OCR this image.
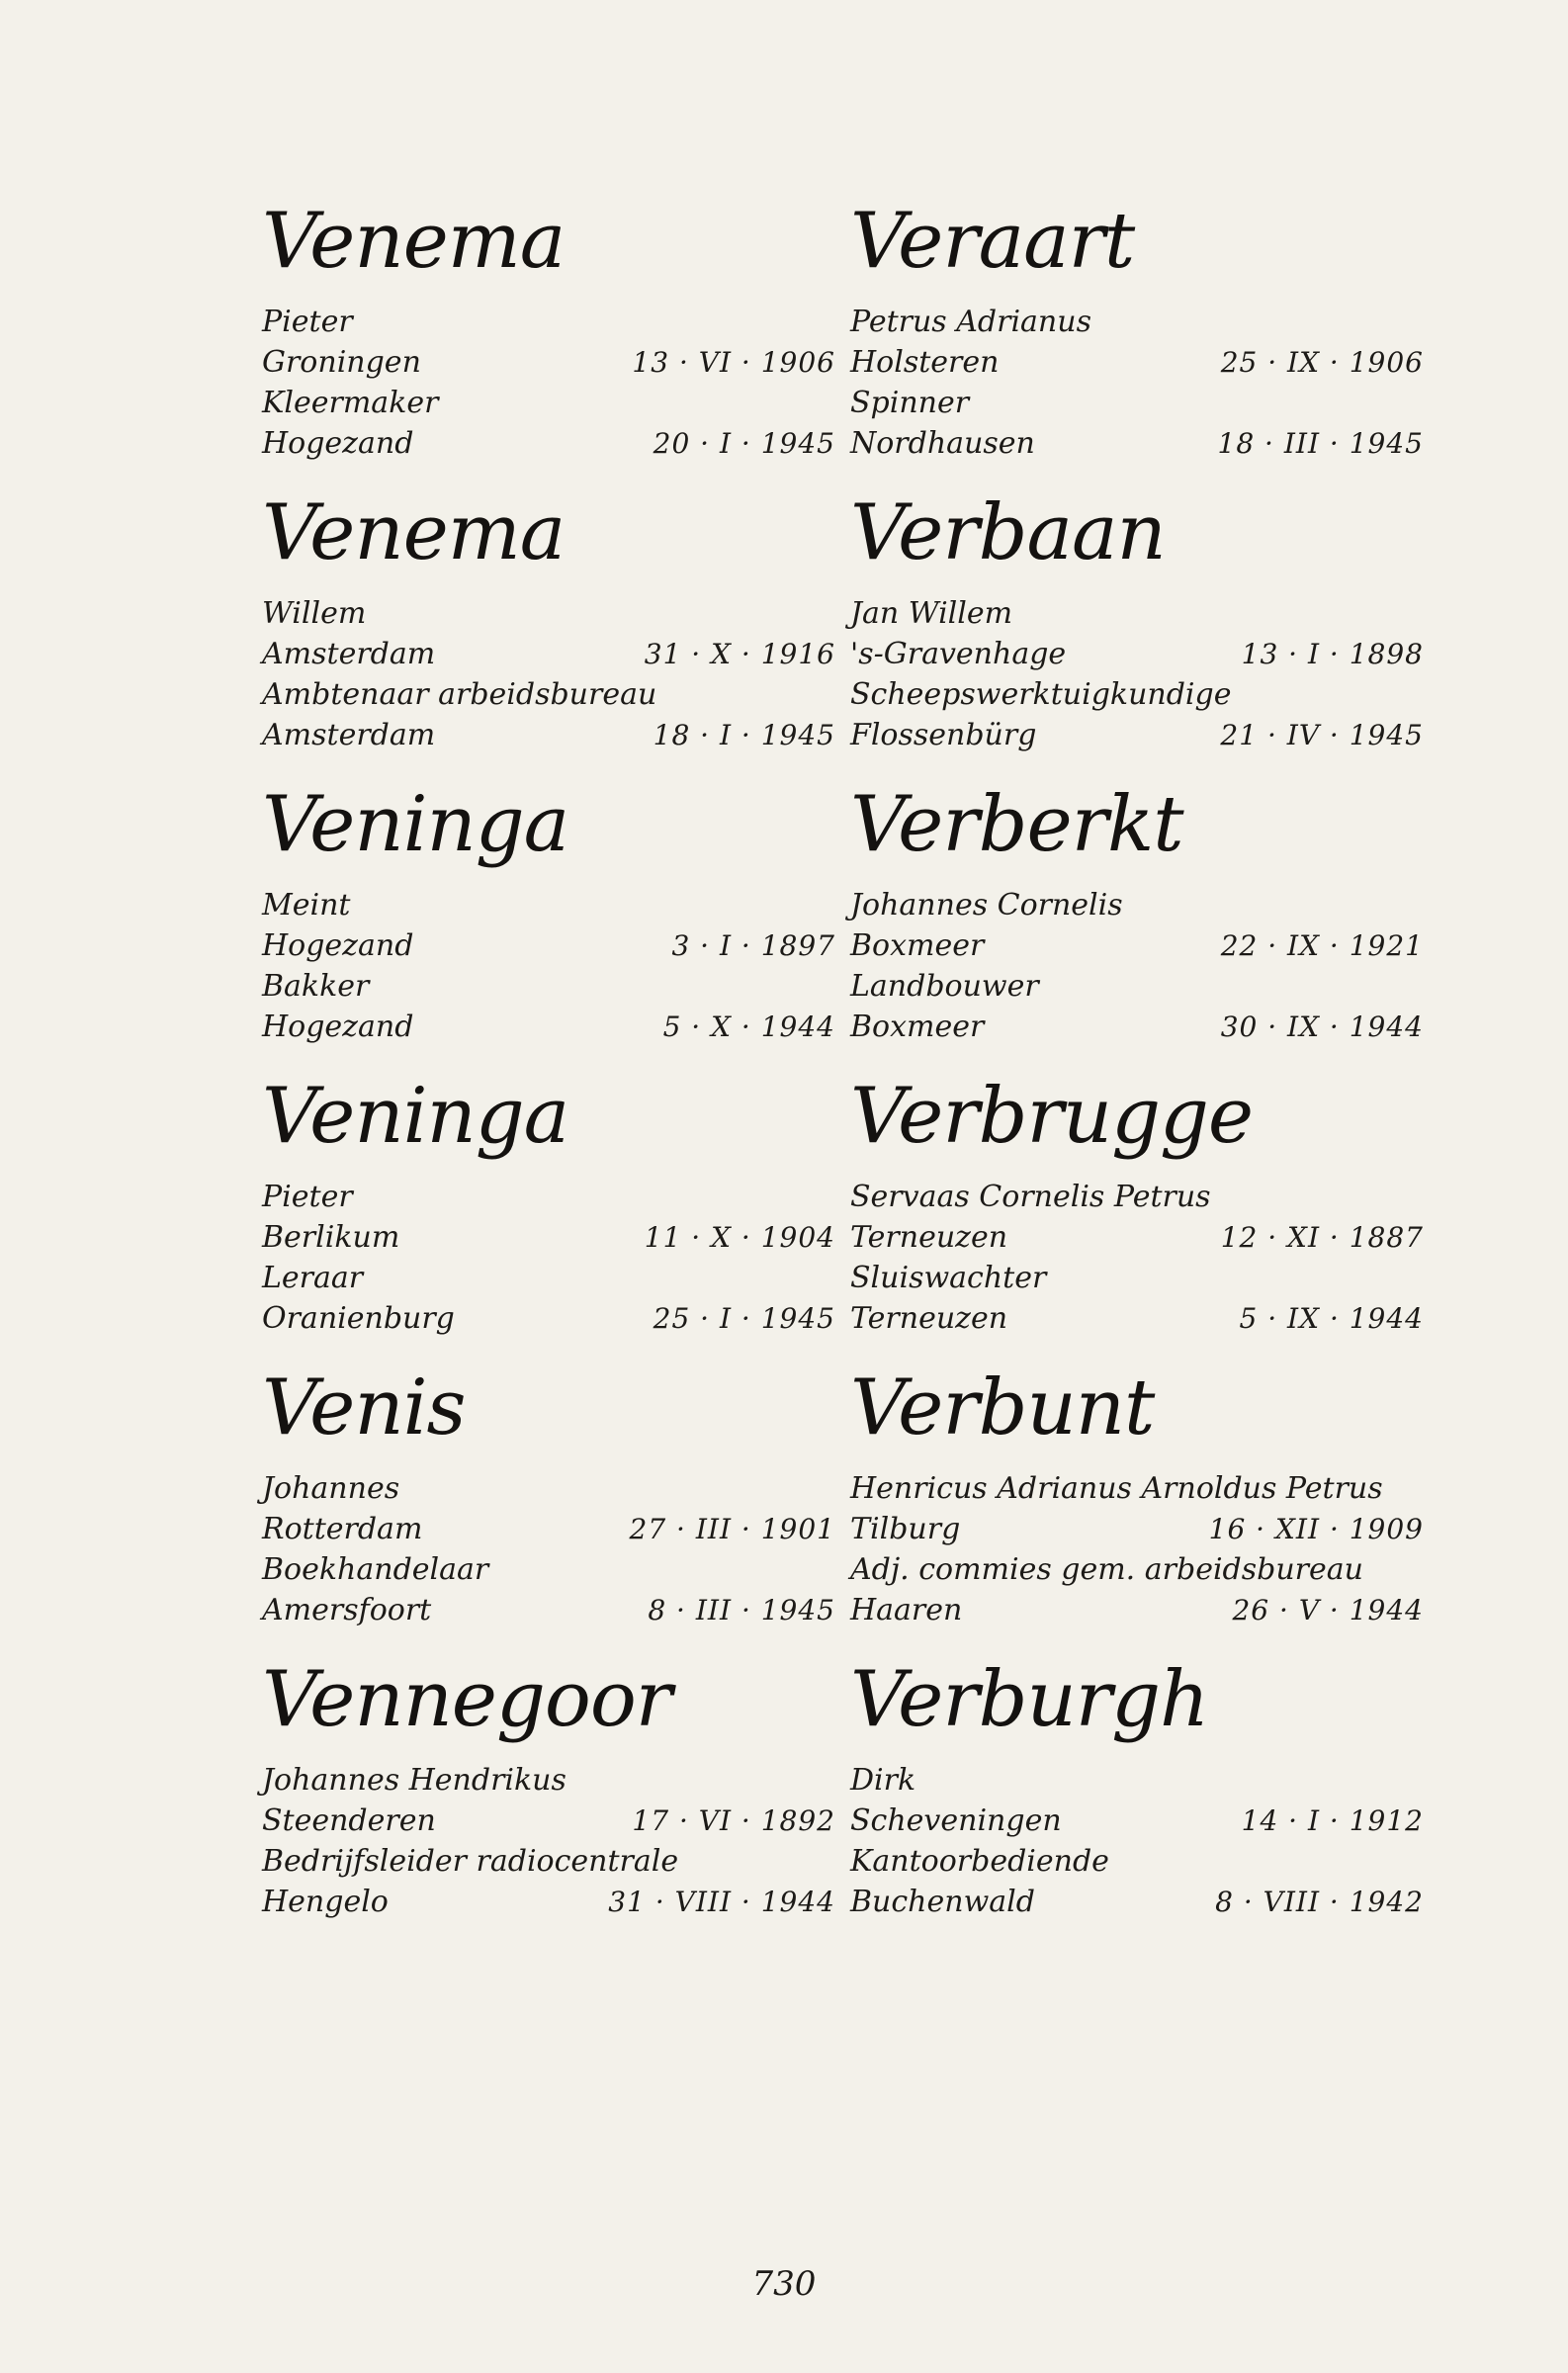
Venema
Pieter
Groningen	13 · VI · 1906
Kleermaker
Hogezand	20 · I · 1945
Venema
Willem
Amsterdam	31 · X · 1916
Ambtenaar arbeidsbureau
Amsterdam	18 · I · 1945
Veninga
Meint
Hogezand	3 · I · 1897
Bakker
Hogezand	5 · X · 1944
Veninga
Pieter
Berlikum	11 · X · 1904
Leraar
Oranienburg	25 · I · 1945
Venis
Johannes
Rotterdam	27 · III · 1901
Boekhandelaar
Amersfoort	8 · III · 1945
Vennegoor
Johannes Hendrikus
Steenderen	17 · VI · 1892
Bedrijfsleider radiocentrale
Hengelo	31 · VIII · 1944
Veraart
Petrus Adrianus
Holsteren	25 · IX · 1906
Spinner
Nordhausen	18 · III · 1945
Verbaan
Jan Willem
's-Gravenhage	13 · I · 1898
Scheepswerktuigkundige
Flossenbürg	21 · IV · 1945
Verberkt
Johannes Cornelis
Boxmeer	22 · IX · 1921
Landbouwer
Boxmeer	30 · IX · 1944
Verbrugge
Servaas Cornelis Petrus
Terneuzen	12 · XI · 1887
Sluiswachter
Terneuzen	5 · IX · 1944
Verbunt
Henricus Adrianus Arnoldus Petrus
Tilburg	16 · XII · 1909
Adj. commies gem. arbeidsbureau
Haaren	26 · V · 1944
Verburgh
Dirk
Scheveningen	14 · I · 1912
Kantoorbediende
Buchenwald	8 · VIII · 1942
730
